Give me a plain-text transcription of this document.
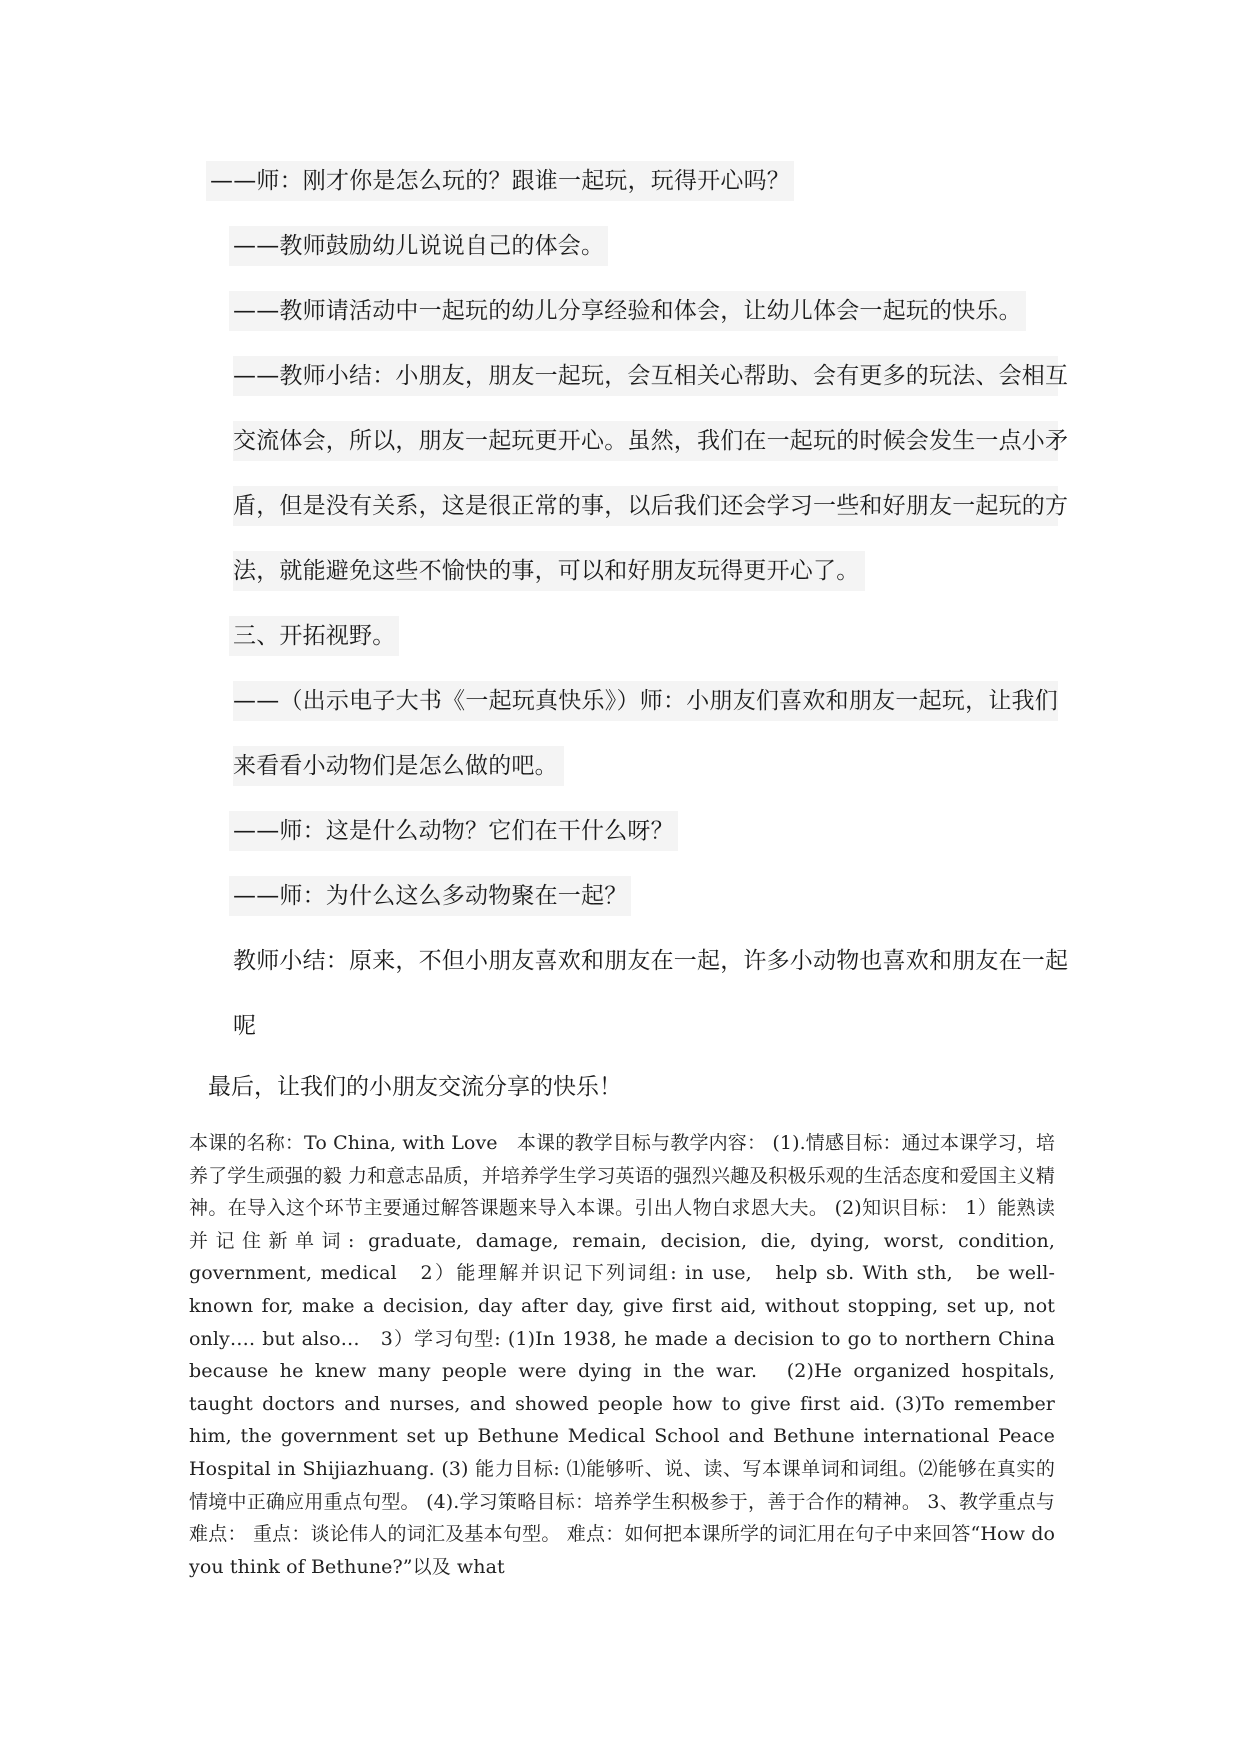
——师：刚才你是怎么玩的？跟谁一起玩，玩得开心吗？
——教师鼓励幼儿说说自己的体会。
——教师请活动中一起玩的幼儿分享经验和体会，让幼儿体会一起玩的快乐。
——教师小结：小朋友，朋友一起玩，会互相关心帮助、会有更多的玩法、会相互
交流体会，所以，朋友一起玩更开心。虽然，我们在一起玩的时候会发生一点小矛
盾，但是没有关系，这是很正常的事，以后我们还会学习一些和好朋友一起玩的方
法，就能避免这些不愉快的事，可以和好朋友玩得更开心了。
三、开拓视野。
——（出示电子大书《一起玩真快乐》）师：小朋友们喜欢和朋友一起玩，让我们
来看看小动物们是怎么做的吧。
——师：这是什么动物？它们在干什么呀？
——师：为什么这么多动物聚在一起？
教师小结：原来，不但小朋友喜欢和朋友在一起，许多小动物也喜欢和朋友在一起
呢
最后，让我们的小朋友交流分享的快乐！
本课的名称：To China, with Love　本课的教学目标与教学内容： (1).情感目标：通过本课学习，培养了学生顽强的毅 力和意志品质，并培养学生学习英语的强烈兴趣及积极乐观的生活态度和爱国主义精神。在导入这个环节主要通过解答课题来导入本课。引出人物白求恩大夫。 (2)知识目标： 1）能熟读并记住新单词: graduate, damage, remain, decision, die, dying, worst, condition, government, medical　2）能理解并识记下列词组: in use,　help sb. With sth,　be well-known for, make a decision, day after day, give first aid, without stopping, set up, not only…. but also…　3）学习句型: (1)In 1938, he made a decision to go to northern China because he knew many people were dying in the war.　(2)He organized hospitals, taught doctors and nurses, and showed people how to give first aid. (3)To remember him, the government set up Bethune Medical School and Bethune international Peace Hospital in Shijiazhuang. (3) 能力目标: ⑴能够听、说、读、写本课单词和词组。⑵能够在真实的情境中正确应用重点句型。 (4).学习策略目标：培养学生积极参于，善于合作的精神。 3、教学重点与难点： 重点：谈论伟人的词汇及基本句型。 难点：如何把本课所学的词汇用在句子中来回答“How do you think of Bethune?”以及 what
